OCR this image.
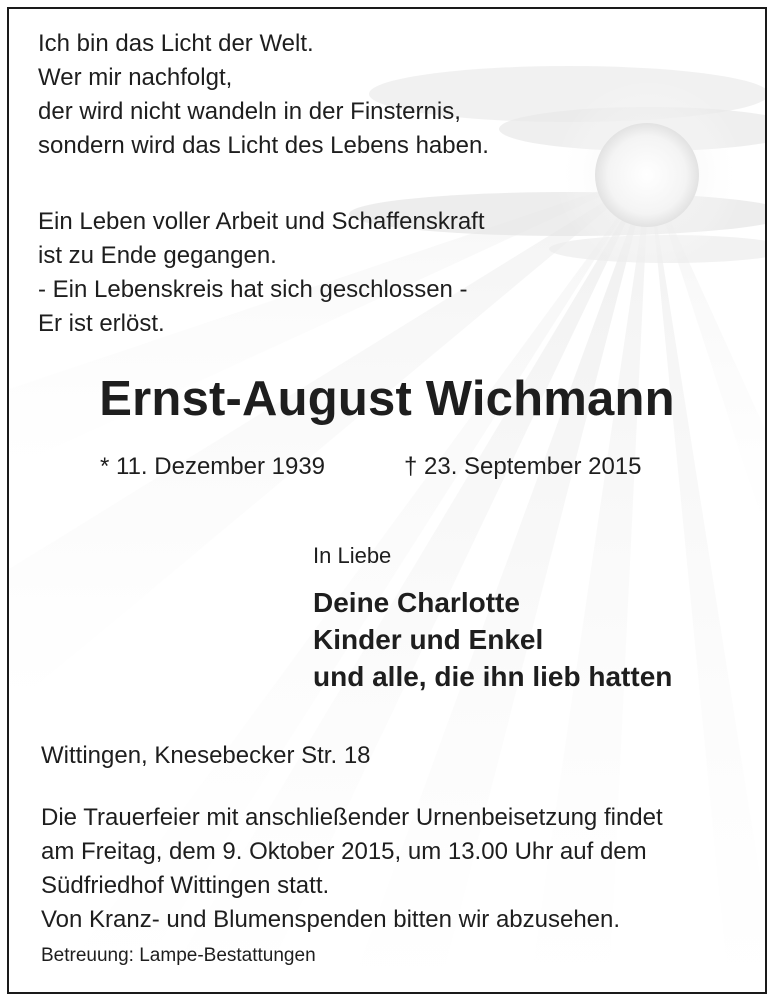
Ich bin das Licht der Welt.
Wer mir nachfolgt,
der wird nicht wandeln in der Finsternis,
sondern wird das Licht des Lebens haben.
Ein Leben voller Arbeit und Schaffenskraft
ist zu Ende gegangen.
- Ein Lebenskreis hat sich geschlossen -
Er ist erlöst.
Ernst-August Wichmann
* 11. Dezember 1939	† 23. September 2015
In Liebe
Deine Charlotte
Kinder und Enkel
und alle, die ihn lieb hatten
Wittingen, Knesebecker Str. 18
Die Trauerfeier mit anschließender Urnenbeisetzung findet
am Freitag, dem 9. Oktober 2015, um 13.00 Uhr auf dem
Südfriedhof Wittingen statt.
Von Kranz- und Blumenspenden bitten wir abzusehen.
Betreuung: Lampe-Bestattungen
